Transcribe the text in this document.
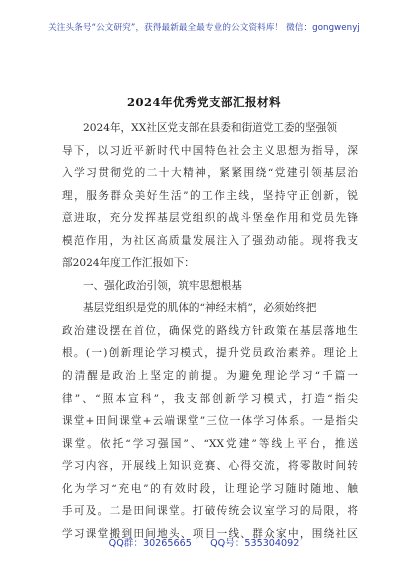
关注头条号“公文研究”，获得最新最全最专业的公文资料库！ 微信：gongwenyj
2024年优秀党支部汇报材料
2024年，XX社区党支部在县委和街道党工委的坚强领
导下，以习近平新时代中国特色社会主义思想为指导，深
入学习贯彻党的二十大精神，紧紧围绕“党建引领基层治
理，服务群众美好生活”的工作主线，坚持守正创新，锐
意进取，充分发挥基层党组织的战斗堡垒作用和党员先锋
模范作用，为社区高质量发展注入了强劲动能。现将我支
部2024年度工作汇报如下：
一、强化政治引领，筑牢思想根基
基层党组织是党的肌体的“神经末梢”，必须始终把
政治建设摆在首位，确保党的路线方针政策在基层落地生
根。(一)创新理论学习模式，提升党员政治素养。理论上
的清醒是政治上坚定的前提。为避免理论学习“千篇一
律”、“照本宣科”，我支部创新学习模式，打造“指尖
课堂+田间课堂+云端课堂”三位一体学习体系。一是指尖
课堂。依托“学习强国”、“XX党建”等线上平台，推送
学习内容，开展线上知识竞赛、心得交流，将零散时间转
化为学习“充电”的有效时段，让理论学习随时随地、触
手可及。二是田间课堂。打破传统会议室学习的局限，将
学习课堂搬到田间地头、项目一线、群众家中，围绕社区
QQ群：30265665      QQ号：535304092
